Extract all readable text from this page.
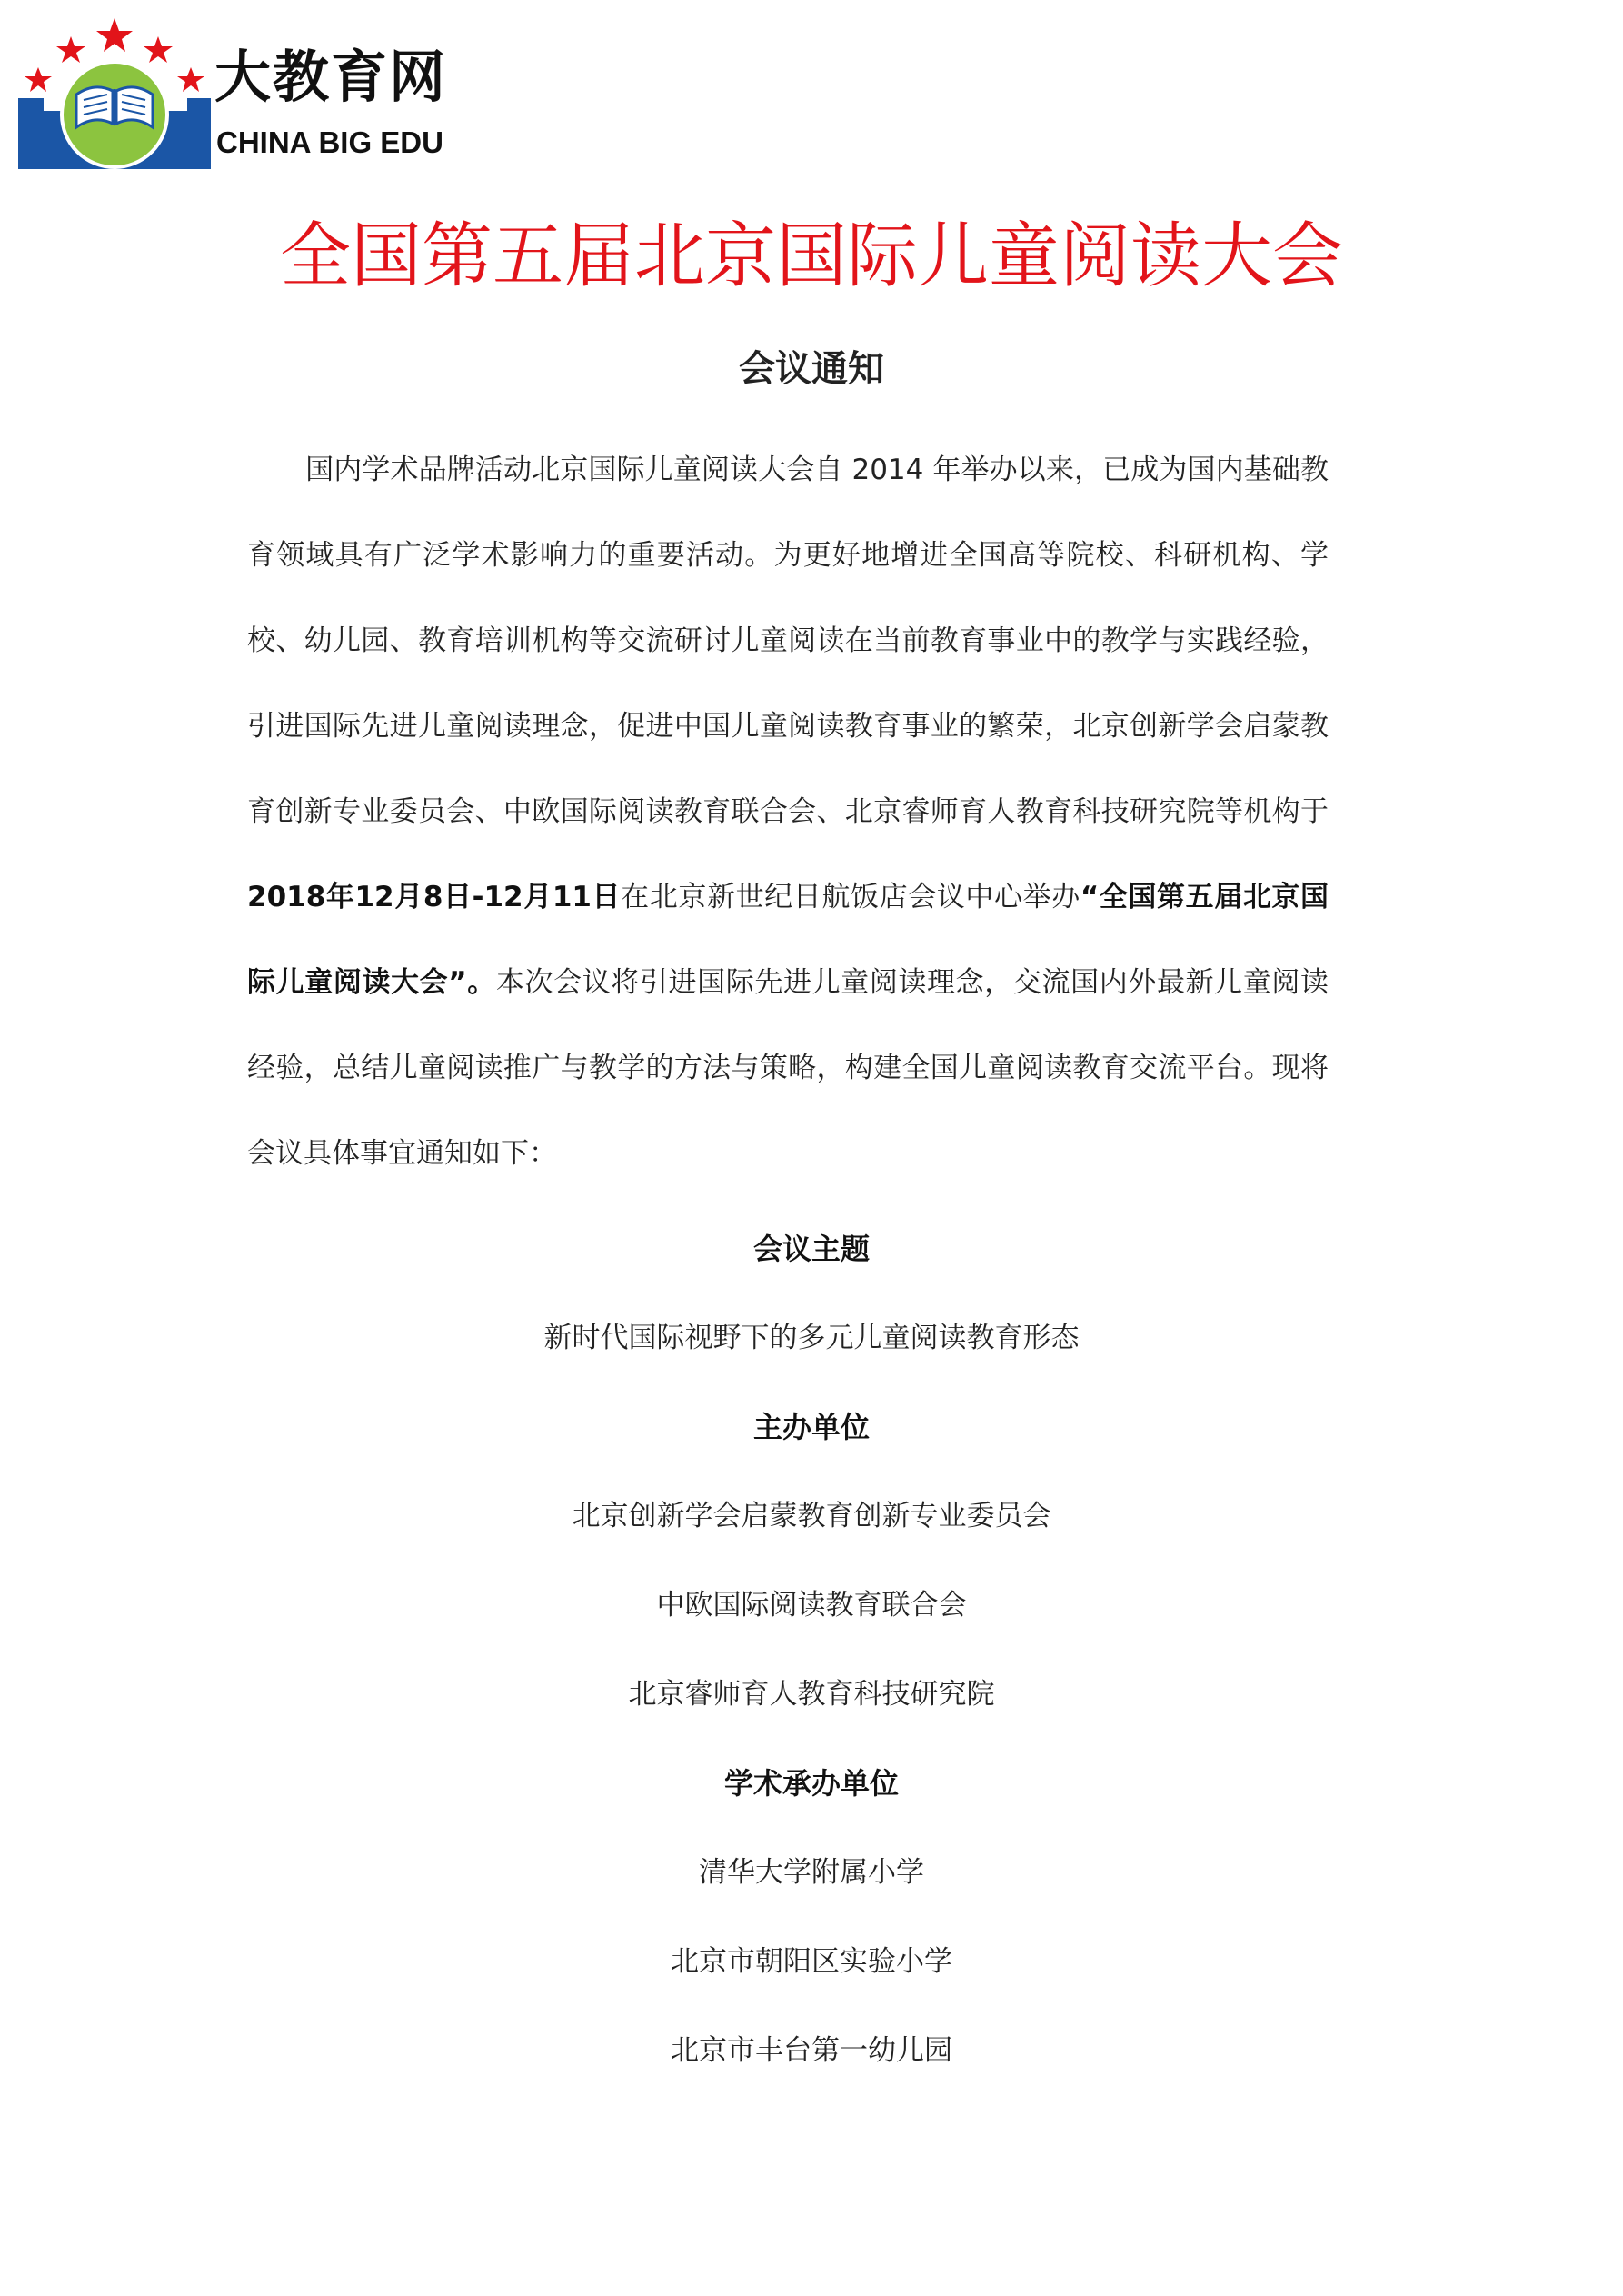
大教育网
CHINA BIG EDU
全国第五届北京国际儿童阅读大会
会议通知

国内学术品牌活动北京国际儿童阅读大会自 2014 年举办以来，已成为国内基础教育领域具有广泛学术影响力的重要活动。为更好地增进全国高等院校、科研机构、学校、幼儿园、教育培训机构等交流研讨儿童阅读在当前教育事业中的教学与实践经验，引进国际先进儿童阅读理念，促进中国儿童阅读教育事业的繁荣，北京创新学会启蒙教育创新专业委员会、中欧国际阅读教育联合会、北京睿师育人教育科技研究院等机构于2018年12月8日-12月11日在北京新世纪日航饭店会议中心举办“全国第五届北京国际儿童阅读大会”。本次会议将引进国际先进儿童阅读理念，交流国内外最新儿童阅读经验，总结儿童阅读推广与教学的方法与策略，构建全国儿童阅读教育交流平台。现将会议具体事宜通知如下：

会议主题
新时代国际视野下的多元儿童阅读教育形态
主办单位
北京创新学会启蒙教育创新专业委员会
中欧国际阅读教育联合会
北京睿师育人教育科技研究院
学术承办单位
清华大学附属小学
北京市朝阳区实验小学
北京市丰台第一幼儿园
